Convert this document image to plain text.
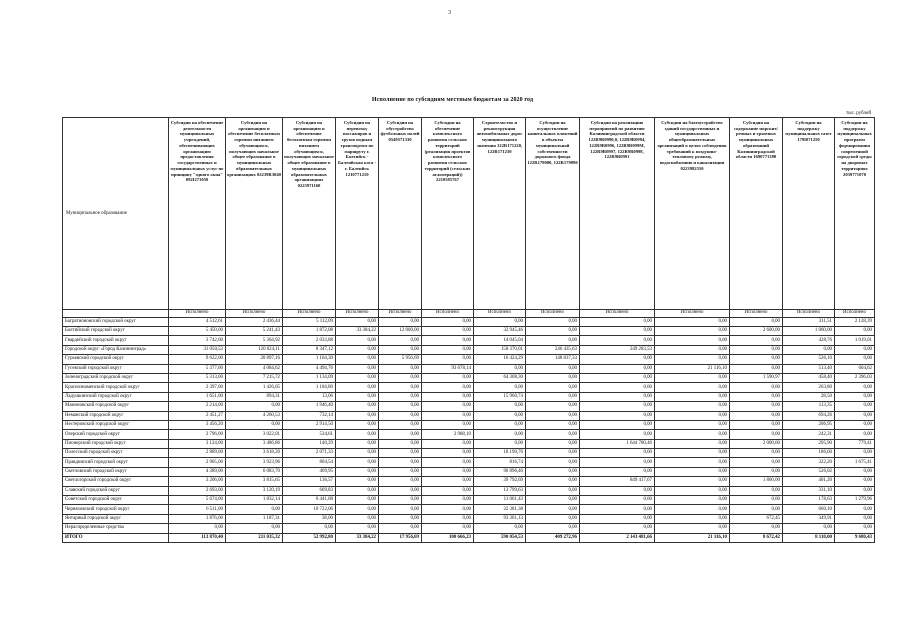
3
Исполнение по субсидиям местным бюджетам за 2020 год
тыс. рублей
Муниципальное образование	Субсидии на обеспечение деятельности муниципальных учреждений, обеспечивающих организацию предоставления государственных и муниципальных услуг по принципу "одного окна" 092I271050	Субсидии на организацию и обеспечение бесплатным горячим питанием обучающихся, получающих начальное общее образование в муниципальных образовательных организациях 02239R3040	Субсидии на организацию и обеспечение бесплатным горячим питанием обучающихся, получающих начальное общее образование в муниципальных образовательных организациях 0223971160	Субсидии на перевозку пассажиров и грузов водным транспортом по маршруту г. Балтийск - Балтийская коса - г. Балтийск 1210771210	Субсидии на обустройство футбольных полей 0549571330	Субсидии на обеспечение комплексного развития сельских территорий (реализация проектов комплексного развития сельских территорий (сельских агломераций)) 2210585767	Строительство и реконструкция автомобильных дорог муниципального значения 122R171220, 122R171230	Субсидии на осуществление капитальных вложений в объекты муниципальной собственности дорожного фонда 122R179000, 122R179090	Субсидии на реализацию мероприятий по развитию Калининградской области 122R9R0990,0, 122R9R0994, 122R9R0996, 122R9R099М, 122R9R0997, 122R9R0998, 122R9R0991	Субсидии на благоустройство зданий государственных и муниципальных общеобразовательных организаций в целях соблюдения требований к воздушно-тепловому режиму, водоснабжению и канализации 0223982550	Субсидии на содержание морских/речных и грязевых муниципальных образований Калининградской области 1690771380	Субсидии на поддержку муниципальных газет 179I071250	Субсидии на поддержку муниципальных программ формирования современной городской среды на дворовых территориях 2039771070
	Исполнено	Исполнено	Исполнено	Исполнено	Исполнено	Исполнено	Исполнено	Исполнено	Исполнено	Исполнено	Исполнено	Исполнено	Исполнено
Багратионовский городской округ	4 512,61	2 436,44	5 112,09	0,00	0,00	0,00	0,00	0,00	0,00	0,00	0,00	311,51	2 128,39
Балтийский городской округ	5 450,00	5 241,43	1 872,08	33 384,22	12 000,00	0,00	32 945,46	0,00	0,00	0,00	2 600,00	1 060,00	0,00
Гвардейский городской округ	3 742,00	5 364,92	2 033,88	0,00	0,00	0,00	14 045,04	0,00	0,00	0,00	0,00	428,76	1 019,01
Городской округ «Город Калининград»	31 050,53	120 024,11	8 347,12	0,00	0,00	0,00	158 370,01	246 435,63	249 283,53	0,00	0,00	0,00	0,00
Гурьевский городской округ	9 622,00	20 897,16	1 164,30	0,00	5 956,69	0,00	16 424,29	148 837,33	0,00	0,00	0,00	526,10	0,00
Гусевский городской округ	5 377,00	4 084,62	4 494,76	0,00	0,00	93 678,14	0,00	0,00	0,00	21 116,10	0,00	513,40	604,62
Зеленоградский городской округ	5 313,00	7 215,72	1 134,09	0,00	0,00	0,00	64 308,30	0,00	0,00	0,00	1 590,97	458,40	2 396,03
Краснознаменский городской округ	2 397,00	1 426,05	1 184,80	0,00	0,00	0,00	0,00	0,00	0,00	0,00	0,00	263,80	0,00
Ладушкинский городской округ	1 651,00	894,31	13,06	0,00	0,00	0,00	15 960,74	0,00	0,00	0,00	0,00	28,50	0,00
Мамоновский городской округ	2 214,00	0,00	1 946,40	0,00	0,00	0,00	0,00	0,00	0,00	0,00	0,00	113,35	0,00
Неманский городской округ	2 451,27	4 260,53	732,14	0,00	0,00	0,00	0,00	0,00	0,00	0,00	0,00	694,26	0,00
Нестеровский городской округ	3 456,20	0,00	2 914,50	0,00	0,00	0,00	0,00	0,00	0,00	0,00	0,00	206,95	0,00
Озерский городской округ	2 796,00	3 022,01	534,61	0,00	0,00	2 988,10	0,00	0,00	0,00	0,00	0,00	242,31	0,00
Пионерский городской округ	3 124,00	3 486,86	140,29	0,00	0,00	0,00	0,00	0,00	1 644 780,46	0,00	2 000,00	295,90	779,41
Полесский городской округ	2 889,00	3 618,20	2 071,33	0,00	0,00	0,00	18 190,76	0,00	0,00	0,00	0,00	186,60	0,00
Правдинский городской округ	2 905,00	3 923,96	804,54	0,00	0,00	0,00	816,74	0,00	0,00	0,00	0,00	322,20	1 675,41
Светловский городской округ	4 389,00	6 083,70	469,95	0,00	0,00	0,00	90 896,46	0,00	0,00	0,00	0,00	526,02	0,00
Светлогорский городской округ	3 206,00	3 815,65	136,57	0,00	0,00	0,00	39 792,69	0,00	849 417,67	0,00	1 800,00	401,20	0,00
Славский городской округ	2 693,00	3 120,19	669,83	0,00	0,00	0,00	13 799,63	0,00	0,00	0,00	0,00	331,10	0,00
Советский городской округ	5 674,00	1 832,14	6 441,68	0,00	0,00	0,00	11 061,43	0,00	0,00	0,00	0,00	178,63	1 279,96
Черняховский городской округ	6 511,00	0,00	10 722,06	0,00	0,00	0,00	22 381,38	0,00	0,00	0,00	0,00	660,10	0,00
Янтарный городской округ	1 876,00	1 187,31	38,00	0,00	0,00	0,00	93 361,13	0,00	0,00	0,00	672,45	349,91	0,00
Нераспределенные средства	0,00	0,00	0,00	0,00	0,00	0,00	0,00	0,00	0,00	0,00	0,00	0,00	0,00
ИТОГО	113 870,40	211 035,32	52 992,80	33 384,22	17 956,69	100 666,23	590 054,53	409 272,96	2 143 481,66	21 116,10	8 672,42	8 110,00	9 680,43
